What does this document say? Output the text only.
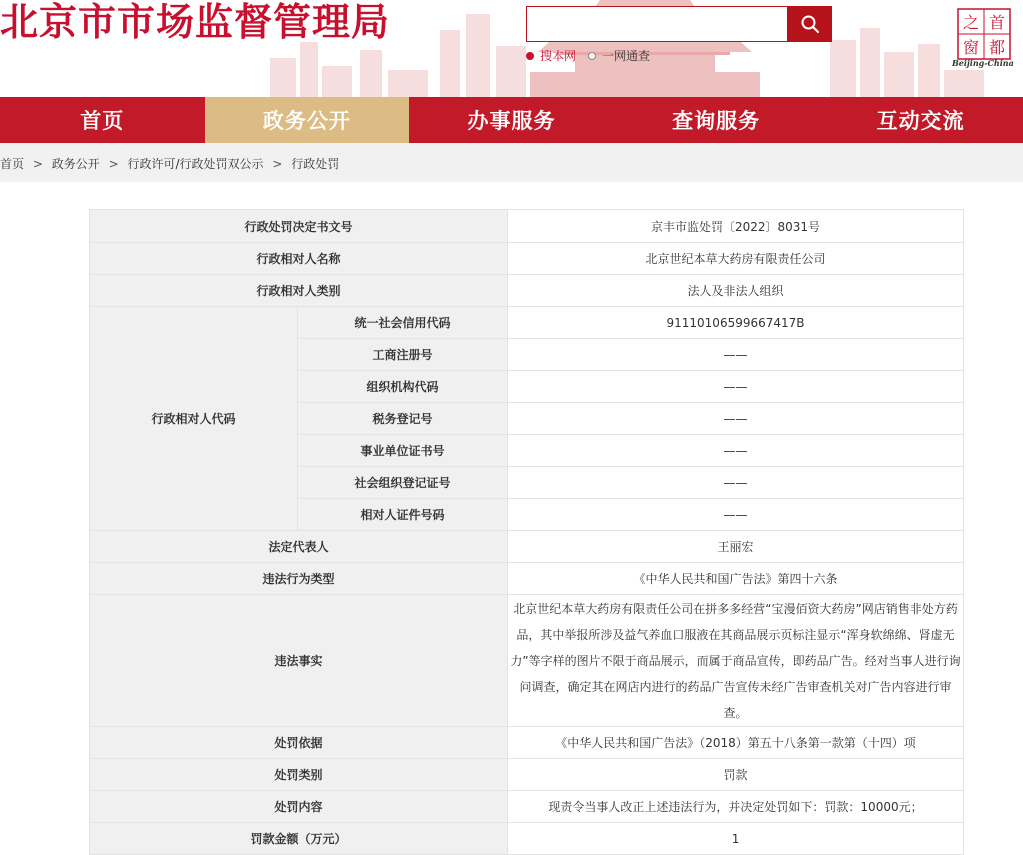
北京市市场监督管理局
搜本网 一网通查
首
都
之
窗
Beijing-China
首页	政务公开	办事服务	查询服务	互动交流
首页 > 政务公开 > 行政许可/行政处罚双公示 > 行政处罚
行政处罚决定书文号		京丰市监处罚〔2022〕8031号
行政相对人名称		北京世纪本草大药房有限责任公司
行政相对人类别		法人及非法人组织
行政相对人代码	统一社会信用代码	91110106599667417B
	工商注册号	——
	组织机构代码	——
	税务登记号	——
	事业单位证书号	——
	社会组织登记证号	——
	相对人证件号码	——
法定代表人		王丽宏
违法行为类型		《中华人民共和国广告法》第四十六条
违法事实		北京世纪本草大药房有限责任公司在拼多多经营“宝漫佰资大药房”网店销售非处方药品，其中举报所涉及益气养血口服液在其商品展示页标注显示“浑身软绵绵、肾虚无力”等字样的图片不限于商品展示，而属于商品宣传，即药品广告。经对当事人进行询问调查，确定其在网店内进行的药品广告宣传未经广告审查机关对广告内容进行审查。
处罚依据		《中华人民共和国广告法》（2018）第五十八条第一款第（十四）项
处罚类别		罚款
处罚内容		现责令当事人改正上述违法行为，并决定处罚如下：罚款：10000元；
罚款金额（万元）		1
